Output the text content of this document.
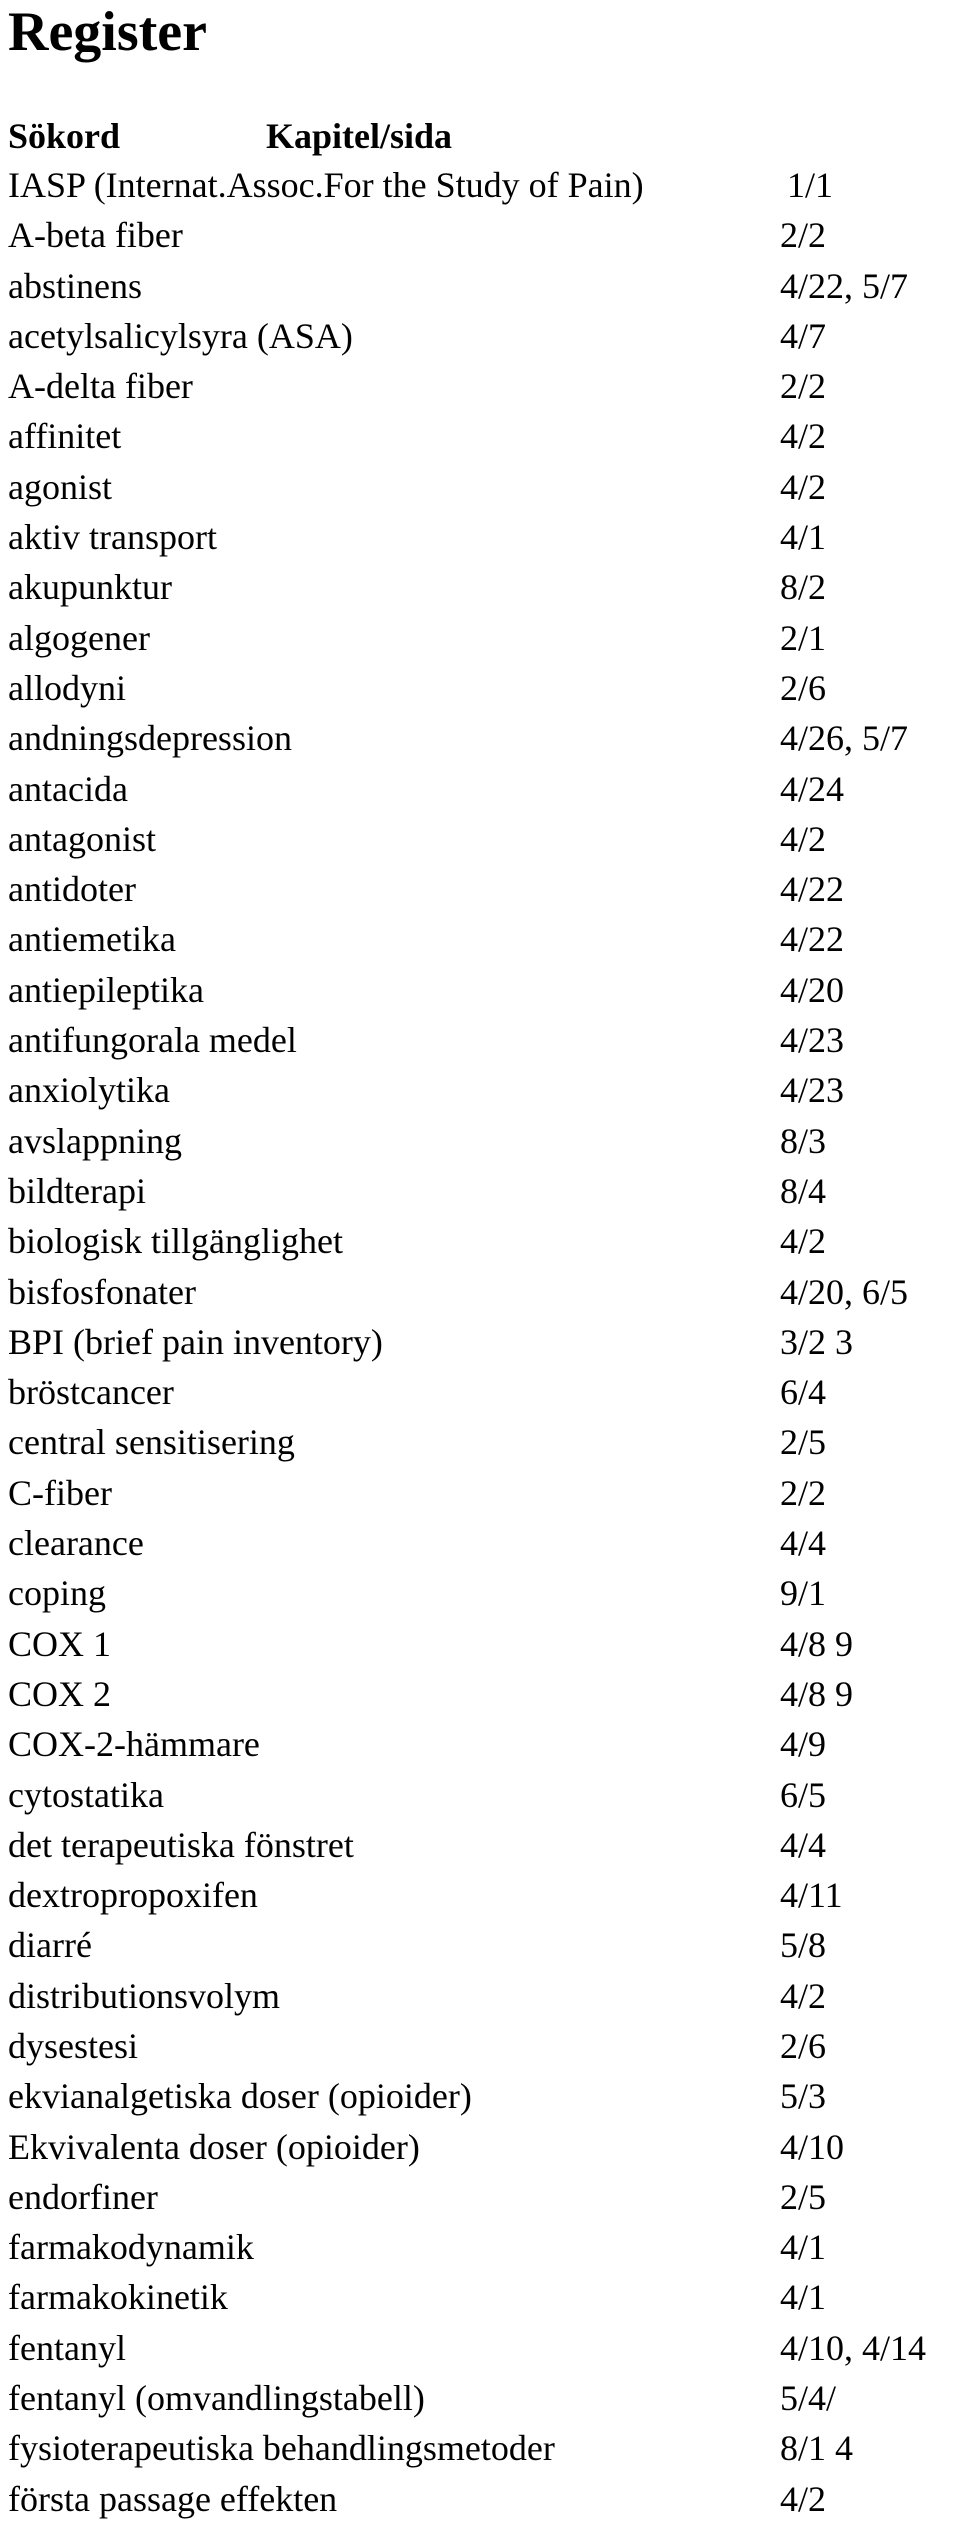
Register
Sökord	Kapitel/sida
IASP (Internat.Assoc.For the Study of Pain)	1/1
A-beta fiber	2/2
abstinens	4/22, 5/7
acetylsalicylsyra (ASA)	4/7
A-delta fiber	2/2
affinitet	4/2
agonist	4/2
aktiv transport	4/1
akupunktur	8/2
algogener	2/1
allodyni	2/6
andningsdepression	4/26, 5/7
antacida	4/24
antagonist	4/2
antidoter	4/22
antiemetika	4/22
antiepileptika	4/20
antifungorala medel	4/23
anxiolytika	4/23
avslappning	8/3
bildterapi	8/4
biologisk tillgänglighet	4/2
bisfosfonater	4/20, 6/5
BPI (brief pain inventory)	3/2 3
bröstcancer	6/4
central sensitisering	2/5
C-fiber	2/2
clearance	4/4
coping	9/1
COX 1	4/8 9
COX 2	4/8 9
COX-2-hämmare	4/9
cytostatika	6/5
det terapeutiska fönstret	4/4
dextropropoxifen	4/11
diarré	5/8
distributionsvolym	4/2
dysestesi	2/6
ekvianalgetiska doser (opioider)	5/3
Ekvivalenta doser (opioider)	4/10
endorfiner	2/5
farmakodynamik	4/1
farmakokinetik	4/1
fentanyl	4/10, 4/14
fentanyl (omvandlingstabell)	5/4/
fysioterapeutiska behandlingsmetoder	8/1 4
första passage effekten	4/2
